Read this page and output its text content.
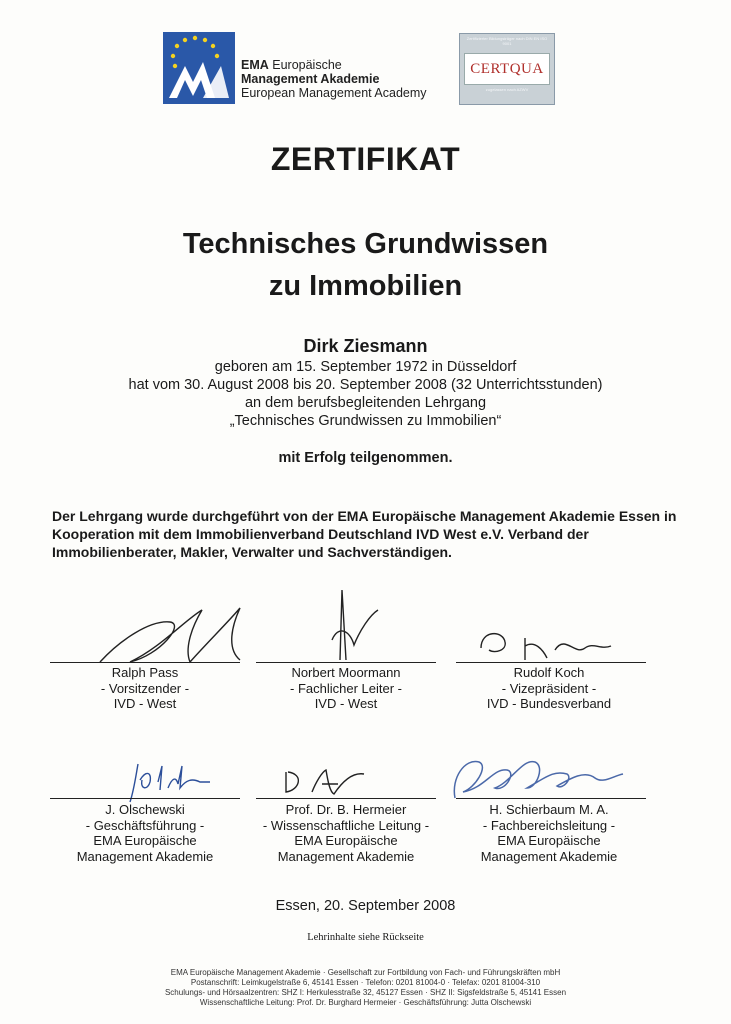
EMA Europäische
Management Akademie
European Management Academy
Zertifizierter Bildungsträger nach DIN EN ISO 9001
CERTQUA
zugelassen nach AZWV
ZERTIFIKAT
Technisches Grundwissen
zu Immobilien
Dirk Ziesmann
geboren am 15. September 1972 in Düsseldorf
hat vom 30. August 2008 bis 20. September 2008 (32 Unterrichtsstunden)
an dem berufsbegleitenden Lehrgang
„Technisches Grundwissen zu Immobilien“
mit Erfolg teilgenommen.
Der Lehrgang wurde durchgeführt von der EMA Europäische Management Akademie Essen in Kooperation mit dem Immobilienverband Deutschland IVD West e.V. Verband der Immobilienberater, Makler, Verwalter und Sachverständigen.
Ralph Pass
- Vorsitzender -
IVD - West
Norbert Moormann
- Fachlicher Leiter -
IVD - West
Rudolf Koch
- Vizepräsident -
IVD - Bundesverband
J. Olschewski
- Geschäftsführung -
EMA Europäische
Management Akademie
Prof. Dr. B. Hermeier
- Wissenschaftliche Leitung -
EMA Europäische
Management Akademie
H. Schierbaum M. A.
- Fachbereichsleitung -
EMA Europäische
Management Akademie
Essen, 20. September 2008
Lehrinhalte siehe Rückseite
EMA Europäische Management Akademie · Gesellschaft zur Fortbildung von Fach- und Führungskräften mbH
Postanschrift: Leimkugelstraße 6, 45141 Essen · Telefon: 0201 81004-0 · Telefax: 0201 81004-310
Schulungs- und Hörsaalzentren: SHZ I: Herkulesstraße 32, 45127 Essen · SHZ II: Sigsfeldstraße 5, 45141 Essen
Wissenschaftliche Leitung: Prof. Dr. Burghard Hermeier · Geschäftsführung: Jutta Olschewski
